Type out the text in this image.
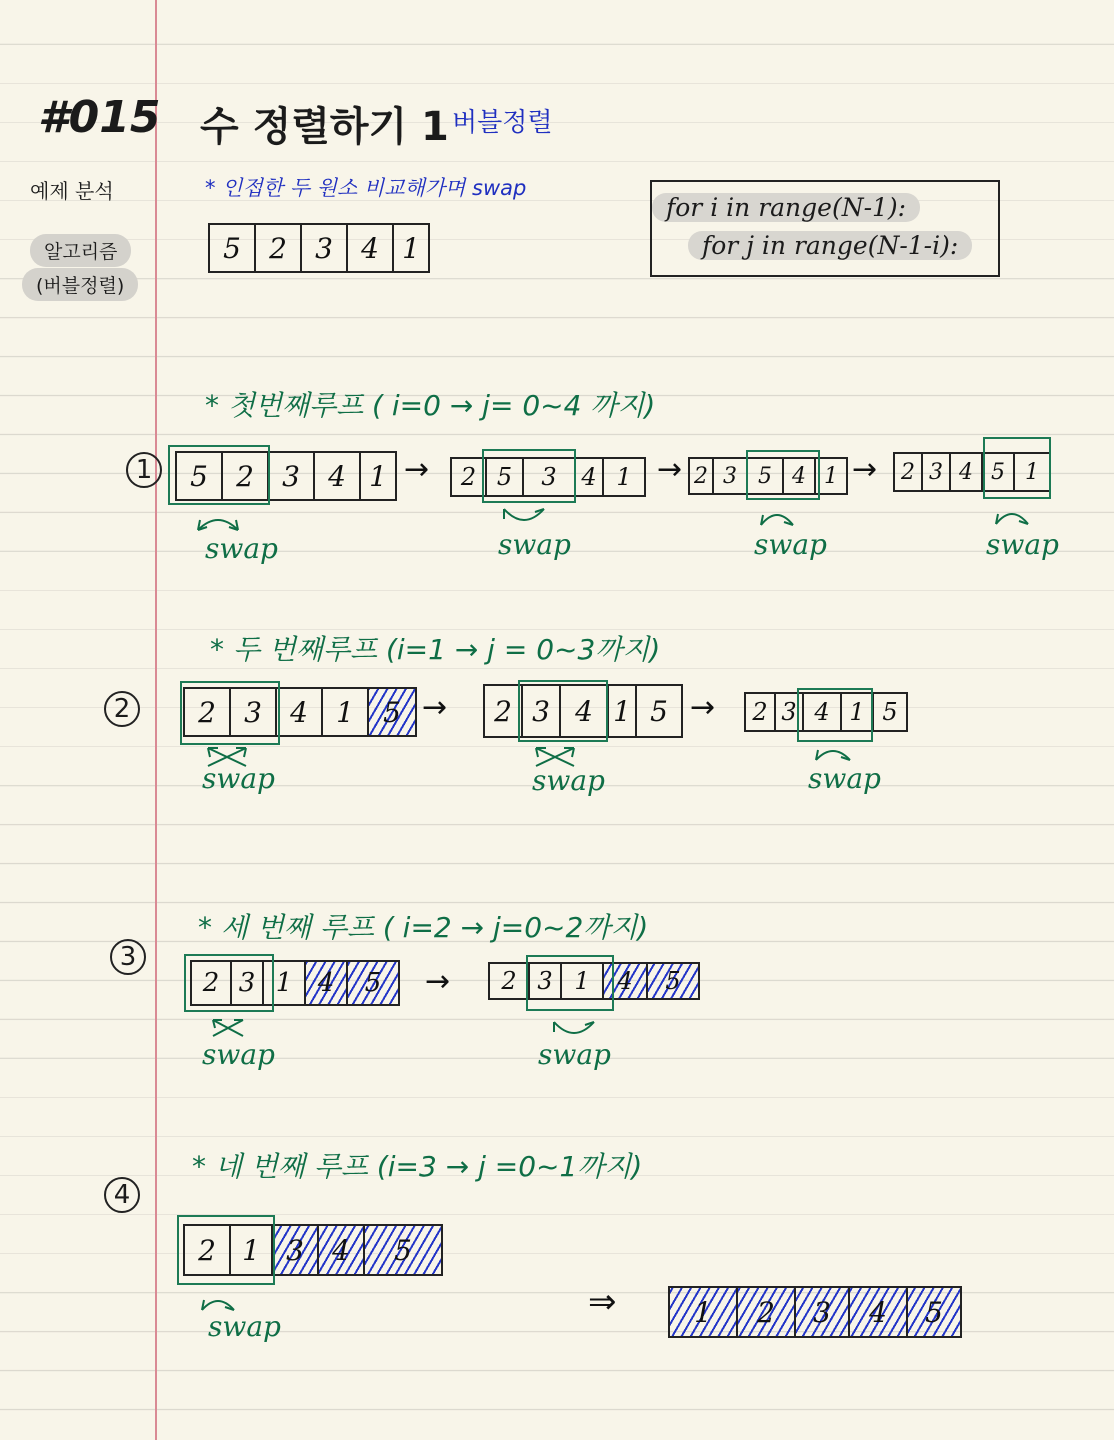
#015 수 정렬하기 1 버블정렬
예제 분석
알고리즘
(버블정렬)
* 인접한 두 원소 비교해가며 swap
5	2	3	4 1
for i in range(N-1):
for j in range(N-1-i):
* 첫번째루프 ( i=0 → j= 0~4 까지)
1	5	2	3	4 1 →	2 5	3	4 1 → 2 3 5 4 1 → 2 3 4 5 1
swap	swap	swap	swap
* 두 번째루프 (i=1 → j = 0~3까지)
2	2	3	4	1	5 →	2 3 4 1 5 → 2 3 4 1 5
swap	swap	swap
* 세 번째 루프 ( i=2 → j=0~2까지)
3
2 3 1 4	5	→	2 3 1	4	5
swap	swap
* 네 번째 루프 (i=3 → j =0~1까지)
4
2 1 3	4	5
swap
⇒	1	2	3	4	5
